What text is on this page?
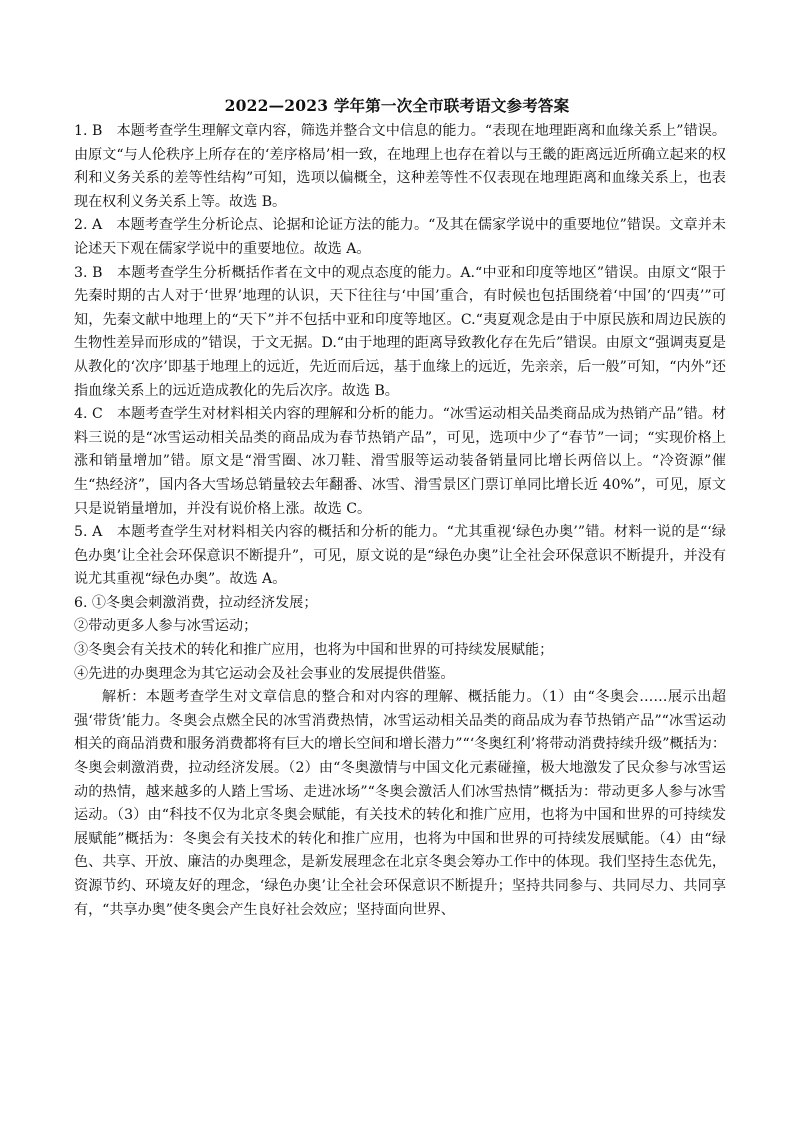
2022—2023 学年第一次全市联考语文参考答案

1. B　本题考查学生理解文章内容，筛选并整合文中信息的能力。“表现在地理距离和血缘关系上”错误。由原文“与人伦秩序上所存在的‘差序格局’相一致，在地理上也存在着以与王畿的距离远近所确立起来的权利和义务关系的差等性结构”可知，选项以偏概全，这种差等性不仅表现在地理距离和血缘关系上，也表现在权利义务关系上等。故选 B。

2. A　本题考查学生分析论点、论据和论证方法的能力。“及其在儒家学说中的重要地位”错误。文章并未论述天下观在儒家学说中的重要地位。故选 A。

3. B　本题考查学生分析概括作者在文中的观点态度的能力。A.“中亚和印度等地区”错误。由原文“限于先秦时期的古人对于‘世界’地理的认识，天下往往与‘中国’重合，有时候也包括围绕着‘中国’的‘四夷’”可知，先秦文献中地理上的“天下”并不包括中亚和印度等地区。C.“夷夏观念是由于中原民族和周边民族的生物性差异而形成的”错误，于文无据。D.“由于地理的距离导致教化存在先后”错误。由原文“强调夷夏是从教化的‘次序’即基于地理上的远近，先近而后远，基于血缘上的远近，先亲亲，后一般”可知，“内外”还指血缘关系上的远近造成教化的先后次序。故选 B。

4. C　本题考查学生对材料相关内容的理解和分析的能力。“冰雪运动相关品类商品成为热销产品”错。材料三说的是“冰雪运动相关品类的商品成为春节热销产品”，可见，选项中少了“春节”一词；“实现价格上涨和销量增加”错。原文是“滑雪圈、冰刀鞋、滑雪服等运动装备销量同比增长两倍以上。“冷资源”催生“热经济”，国内各大雪场总销量较去年翻番、冰雪、滑雪景区门票订单同比增长近 40%”，可见，原文只是说销量增加，并没有说价格上涨。故选 C。

5. A　本题考查学生对材料相关内容的概括和分析的能力。“尤其重视‘绿色办奥’”错。材料一说的是“‘绿色办奥’让全社会环保意识不断提升”，可见，原文说的是“绿色办奥”让全社会环保意识不断提升，并没有说尤其重视“绿色办奥”。故选 A。

6. ①冬奥会刺激消费，拉动经济发展；

②带动更多人参与冰雪运动；

③冬奥会有关技术的转化和推广应用，也将为中国和世界的可持续发展赋能；

④先进的办奥理念为其它运动会及社会事业的发展提供借鉴。

解析：本题考查学生对文章信息的整合和对内容的理解、概括能力。（1）由“冬奥会……展示出超强‘带货’能力。冬奥会点燃全民的冰雪消费热情，冰雪运动相关品类的商品成为春节热销产品”“冰雪运动相关的商品消费和服务消费都将有巨大的增长空间和增长潜力”“‘冬奥红利’将带动消费持续升级”概括为：冬奥会刺激消费，拉动经济发展。（2）由“冬奥激情与中国文化元素碰撞，极大地激发了民众参与冰雪运动的热情，越来越多的人踏上雪场、走进冰场”“冬奥会激活人们冰雪热情”概括为：带动更多人参与冰雪运动。（3）由“科技不仅为北京冬奥会赋能，有关技术的转化和推广应用，也将为中国和世界的可持续发展赋能”概括为：冬奥会有关技术的转化和推广应用，也将为中国和世界的可持续发展赋能。（4）由“绿色、共享、开放、廉洁的办奥理念，是新发展理念在北京冬奥会筹办工作中的体现。我们坚持生态优先，资源节约、环境友好的理念，‘绿色办奥’让全社会环保意识不断提升；坚持共同参与、共同尽力、共同享有，“共享办奥”使冬奥会产生良好社会效应；坚持面向世界、
